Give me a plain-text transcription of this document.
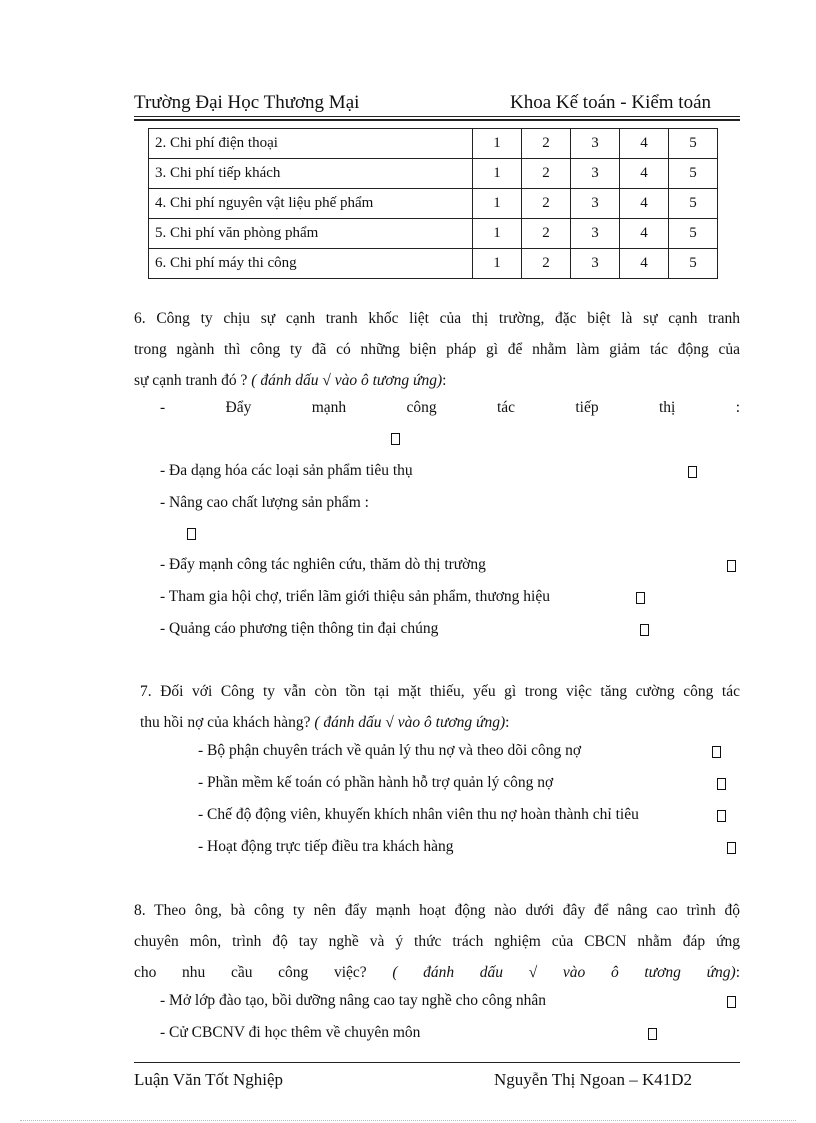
Trường Đại Học Thương Mại	Khoa Kế toán - Kiểm toán
2. Chi phí điện thoại	1	2	3	4	5
3. Chi phí tiếp khách	1	2	3	4	5
4. Chi phí nguyên vật liệu phế phẩm	1	2	3	4	5
5. Chi phí văn phòng phẩm	1	2	3	4	5
6. Chi phí máy thi công	1	2	3	4	5
6. Công ty chịu sự cạnh tranh khốc liệt của thị trường, đặc biệt là sự cạnh tranh
trong ngành thì công ty đã có những biện pháp gì để nhằm làm giảm tác động của
sự cạnh tranh đó ? ( đánh dấu √ vào ô tương ứng):
- Đẩy mạnh công tác tiếp thị :
- Đa dạng hóa các loại sản phẩm tiêu thụ
- Nâng cao chất lượng sản phẩm :
- Đẩy mạnh công tác nghiên cứu, thăm dò thị trường
- Tham gia hội chợ, triển lãm giới thiệu sản phẩm, thương hiệu
- Quảng cáo phương tiện thông tin đại chúng
7. Đối với Công ty vẫn còn tồn tại mặt thiếu, yếu gì trong việc tăng cường công tác
thu hồi nợ của khách hàng? ( đánh dấu √ vào ô tương ứng):
- Bộ phận chuyên trách về quản lý thu nợ và theo dõi công nợ
- Phần mềm kế toán có phần hành hỗ trợ quản lý công nợ
- Chế độ động viên, khuyến khích nhân viên thu nợ hoàn thành chỉ tiêu
- Hoạt động trực tiếp điều tra khách hàng
8. Theo ông, bà công ty nên đẩy mạnh hoạt động nào dưới đây để nâng cao trình độ
chuyên môn, trình độ tay nghề và ý thức trách nghiệm của CBCN nhằm đáp ứng
cho nhu cầu công việc? ( đánh dấu √ vào ô tương ứng):
- Mở lớp đào tạo, bồi dưỡng nâng cao tay nghề cho công nhân
- Cử CBCNV đi học thêm về chuyên môn
Luận Văn Tốt Nghiệp	Nguyễn Thị Ngoan – K41D2
